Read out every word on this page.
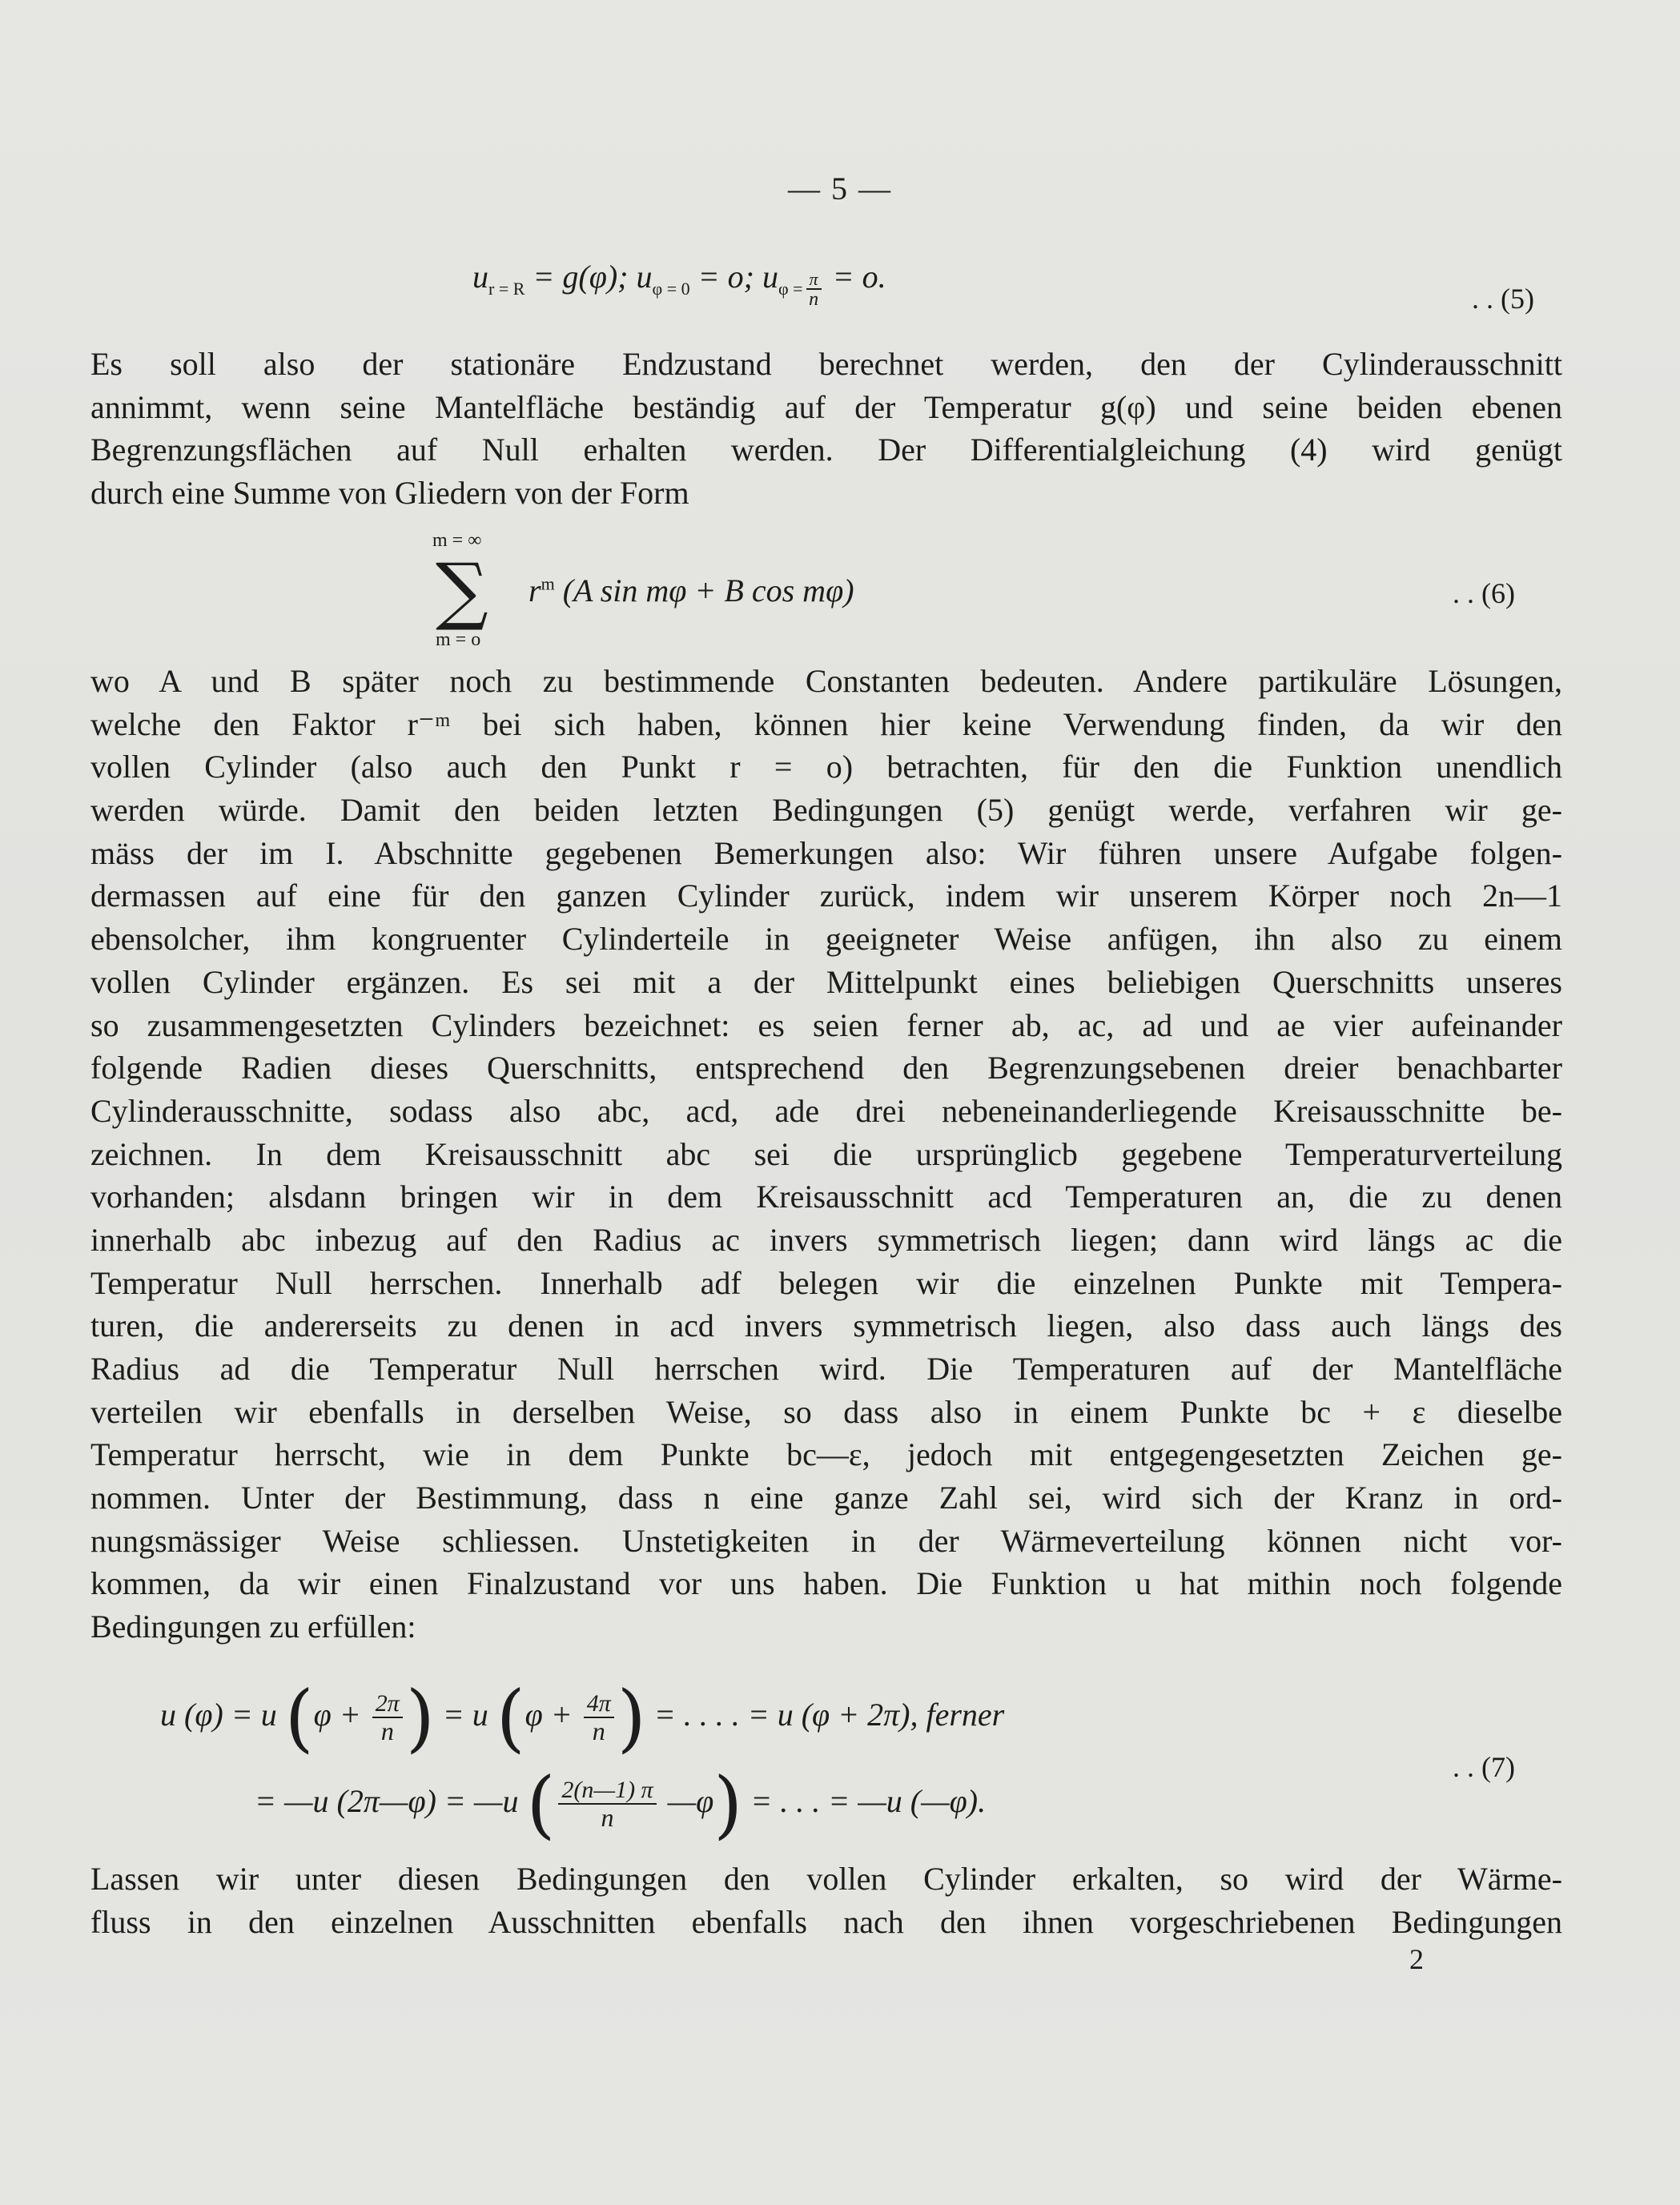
— 5 —
$u_{r = R} = g(\varphi)$; $u_{\varphi = 0} = o$; $u_{\varphi =} \frac{\pi}{n} = o$.
. . (5)
Es soll also der stationäre Endzustand berechnet werden, den der Cylinderausschnitt
annimmt, wenn seine Mantelfläche beständig auf der Temperatur g(φ) und seine beiden ebenen
Begrenzungsflächen auf Null erhalten werden. Der Differentialgleichung (4) wird genügt
durch eine Summe von Gliedern von der Form
m = ∞
∑
m = o
$r^m$ (A sin mφ + B cos mφ)	. . (6)
wo A und B später noch zu bestimmende Constanten bedeuten. Andere partikuläre Lösungen,
welche den Faktor r⁻ᵐ bei sich haben, können hier keine Verwendung finden, da wir den
vollen Cylinder (also auch den Punkt r = o) betrachten, für den die Funktion unendlich
werden würde. Damit den beiden letzten Bedingungen (5) genügt werde, verfahren wir ge-
mäss der im I. Abschnitte gegebenen Bemerkungen also: Wir führen unsere Aufgabe folgen-
dermassen auf eine für den ganzen Cylinder zurück, indem wir unserem Körper noch 2n—1
ebensolcher, ihm kongruenter Cylinderteile in geeigneter Weise anfügen, ihn also zu einem
vollen Cylinder ergänzen. Es sei mit a der Mittelpunkt eines beliebigen Querschnitts unseres
so zusammengesetzten Cylinders bezeichnet: es seien ferner ab, ac, ad und ae vier aufeinander
folgende Radien dieses Querschnitts, entsprechend den Begrenzungsebenen dreier benachbarter
Cylinderausschnitte, sodass also abc, acd, ade drei nebeneinanderliegende Kreisausschnitte be-
zeichnen. In dem Kreisausschnitt abc sei die ursprünglicb gegebene Temperaturverteilung
vorhanden; alsdann bringen wir in dem Kreisausschnitt acd Temperaturen an, die zu denen
innerhalb abc inbezug auf den Radius ac invers symmetrisch liegen; dann wird längs ac die
Temperatur Null herrschen. Innerhalb adf belegen wir die einzelnen Punkte mit Tempera-
turen, die andererseits zu denen in acd invers symmetrisch liegen, also dass auch längs des
Radius ad die Temperatur Null herrschen wird. Die Temperaturen auf der Mantelfläche
verteilen wir ebenfalls in derselben Weise, so dass also in einem Punkte bc + ε dieselbe
Temperatur herrscht, wie in dem Punkte bc—ε, jedoch mit entgegengesetzten Zeichen ge-
nommen. Unter der Bestimmung, dass n eine ganze Zahl sei, wird sich der Kranz in ord-
nungsmässiger Weise schliessen. Unstetigkeiten in der Wärmeverteilung können nicht vor-
kommen, da wir einen Finalzustand vor uns haben. Die Funktion u hat mithin noch folgende
Bedingungen zu erfüllen:
u (φ) = u ($\varphi + \frac{2\pi}{n}$ ) = u ($\varphi + \frac{4\pi}{n}$ ) = . . . . = u (φ + 2π), ferner
= —u (2π—φ) = —u ( $\frac{2(n—1) \pi}{n}$ —φ) = . . . = —u (—φ).
. . (7)
Lassen wir unter diesen Bedingungen den vollen Cylinder erkalten, so wird der Wärme-
fluss in den einzelnen Ausschnitten ebenfalls nach den ihnen vorgeschriebenen Bedingungen
2
